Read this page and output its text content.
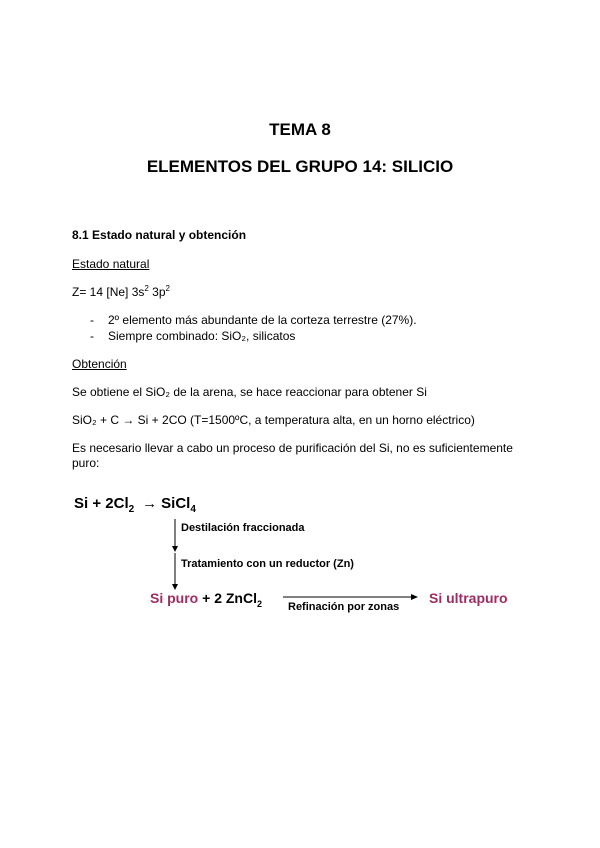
TEMA 8
ELEMENTOS DEL GRUPO 14: SILICIO
8.1 Estado natural y obtención
Estado natural
Z= 14 [Ne] $3s^2$ $3p^2$
- 2º elemento más abundante de la corteza terrestre (27%).
- Siempre combinado: SiO₂, silicatos
Obtención
Se obtiene el SiO₂ de la arena, se hace reaccionar para obtener Si
SiO₂ + C → Si + 2CO (T=1500ºC, a temperatura alta, en un horno eléctrico)
Es necesario llevar a cabo un proceso de purificación del Si, no es suficientemente
puro:
$Si + 2Cl_2$ → SiCl$_4$
Destilación fraccionada
Tratamiento con un reductor (Zn)
Si puro + 2 ZnCl$_2$ Refinación por zonas
Si ultrapuro
